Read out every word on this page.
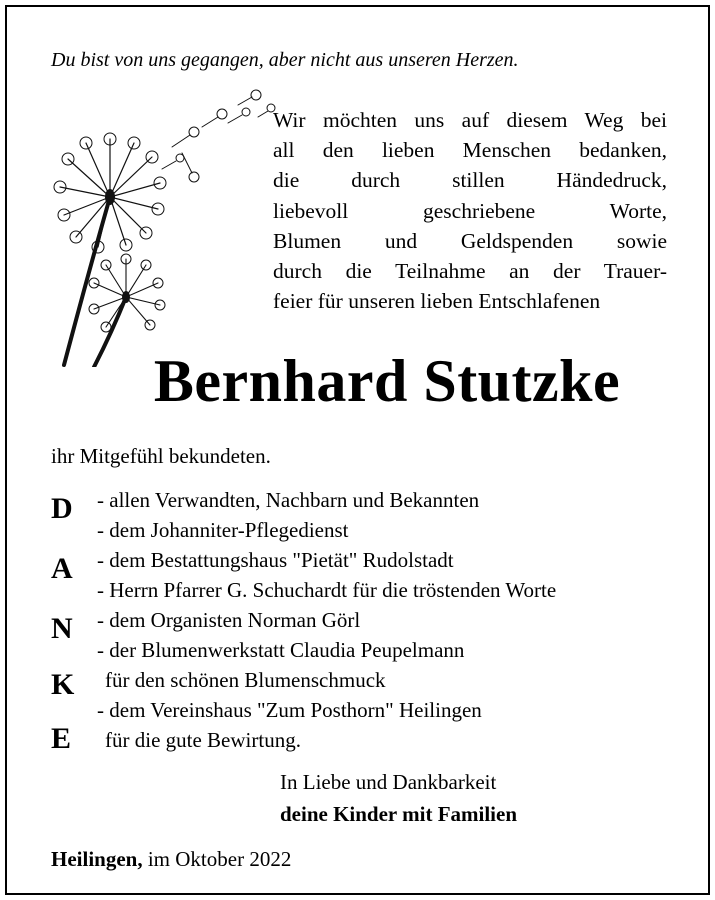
Du bist von uns gegangen, aber nicht aus unseren Herzen.
Wir möchten uns auf diesem Weg bei
all den lieben Menschen bedanken,
die durch stillen Händedruck,
liebevoll geschriebene Worte,
Blumen und Geldspenden sowie
durch die Teilnahme an der Trauer-
feier für unseren lieben Entschlafenen
Bernhard Stutzke
ihr Mitgefühl bekundeten.
D
A
N
K
E
- allen Verwandten, Nachbarn und Bekannten
- dem Johanniter-Pflegedienst
- dem Bestattungshaus "Pietät" Rudolstadt
- Herrn Pfarrer G. Schuchardt für die tröstenden Worte
- dem Organisten Norman Görl
- der Blumenwerkstatt Claudia Peupelmann
für den schönen Blumenschmuck
- dem Vereinshaus "Zum Posthorn" Heilingen
für die gute Bewirtung.
In Liebe und Dankbarkeit
deine Kinder mit Familien
Heilingen, im Oktober 2022
